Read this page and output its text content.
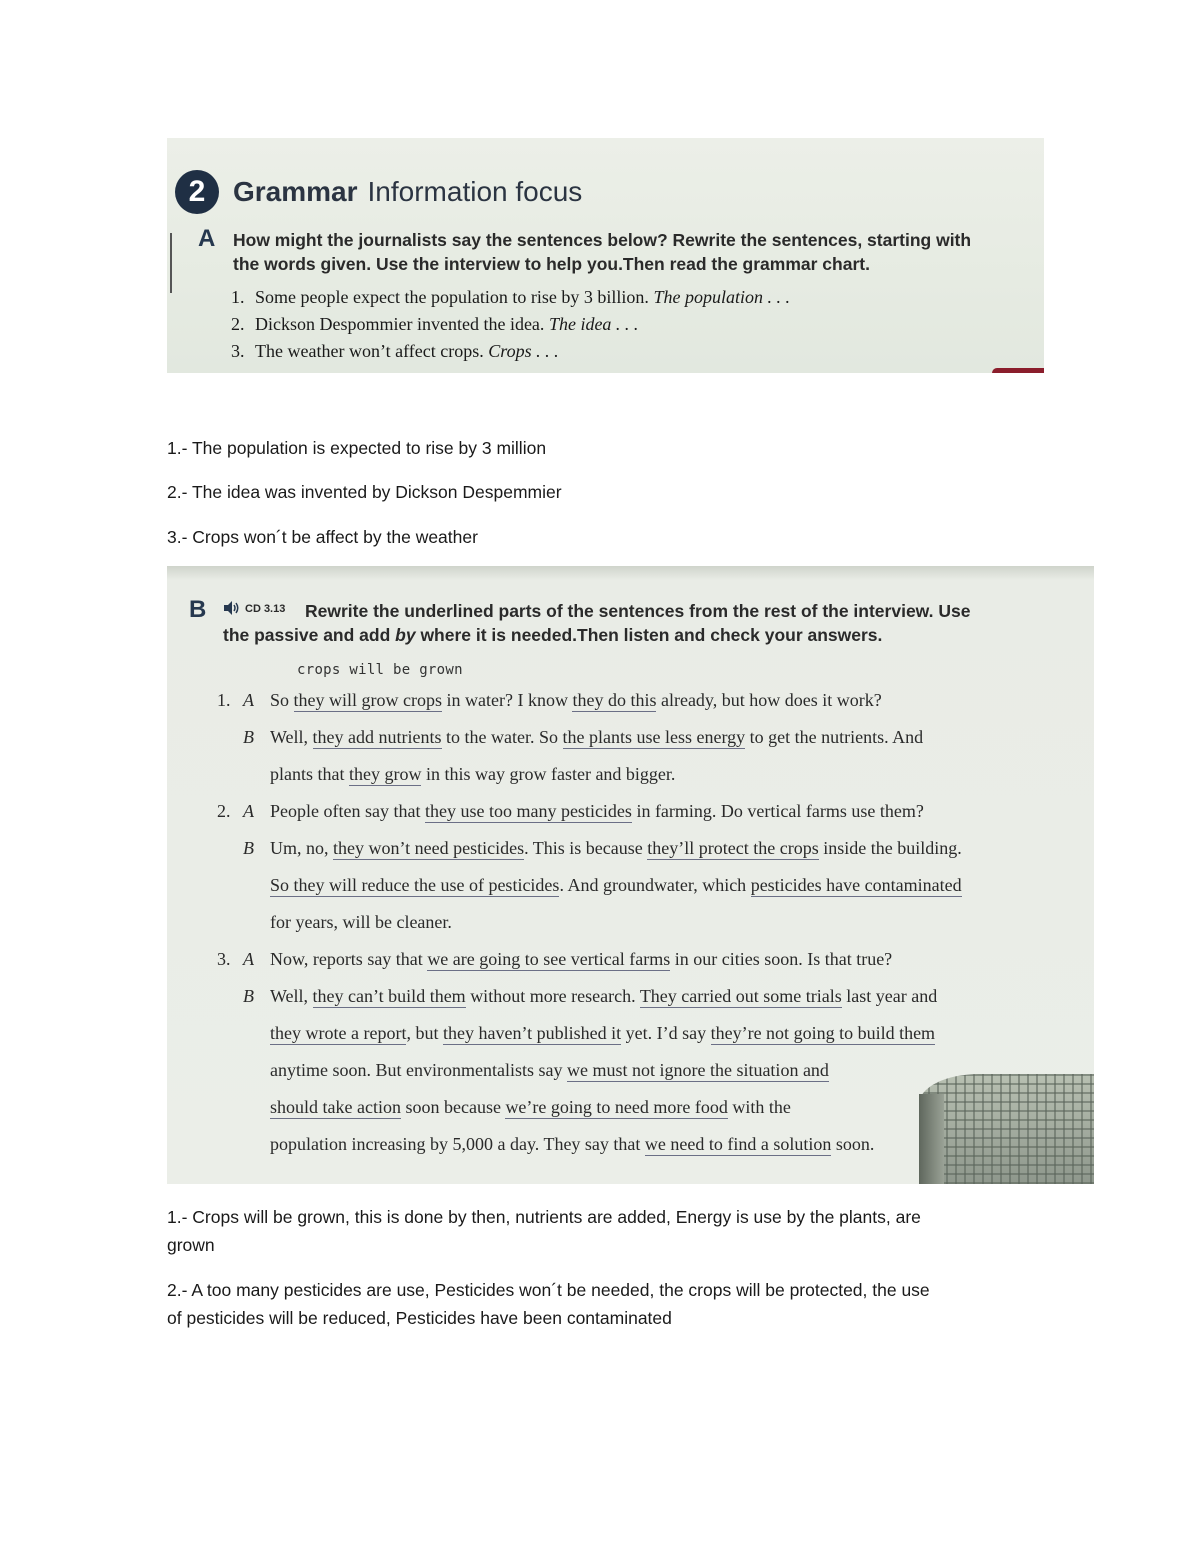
2 Grammar Information focus
A How might the journalists say the sentences below? Rewrite the sentences, starting with
the words given. Use the interview to help you.Then read the grammar chart.
1. Some people expect the population to rise by 3 billion. The population . . .
2. Dickson Despommier invented the idea. The idea . . .
3. The weather won’t affect crops. Crops . . .
1.- The population is expected to rise by 3 million
2.- The idea was invented by Dickson Despemmier
3.- Crops won´t be affect by the weather
B	CD 3.13 Rewrite the underlined parts of the sentences from the rest of the interview. Use
the passive and add by where it is needed.Then listen and check your answers.
crops will be grown
1. A So they will grow crops in water? I know they do this already, but how does it work?
B Well, they add nutrients to the water. So the plants use less energy to get the nutrients. And
plants that they grow in this way grow faster and bigger.
2. A People often say that they use too many pesticides in farming. Do vertical farms use them?
B Um, no, they won’t need pesticides. This is because they’ll protect the crops inside the building.
So they will reduce the use of pesticides. And groundwater, which pesticides have contaminated
for years, will be cleaner.
3. A Now, reports say that we are going to see vertical farms in our cities soon. Is that true?
B Well, they can’t build them without more research. They carried out some trials last year and
they wrote a report, but they haven’t published it yet. I’d say they’re not going to build them
anytime soon. But environmentalists say we must not ignore the situation and
should take action soon because we’re going to need more food with the
population increasing by 5,000 a day. They say that we need to find a solution soon.
1.- Crops will be grown, this is done by then, nutrients are added, Energy is use by the plants, are
grown
2.- A too many pesticides are use, Pesticides won´t be needed, the crops will be protected, the use
of pesticides will be reduced, Pesticides have been contaminated
